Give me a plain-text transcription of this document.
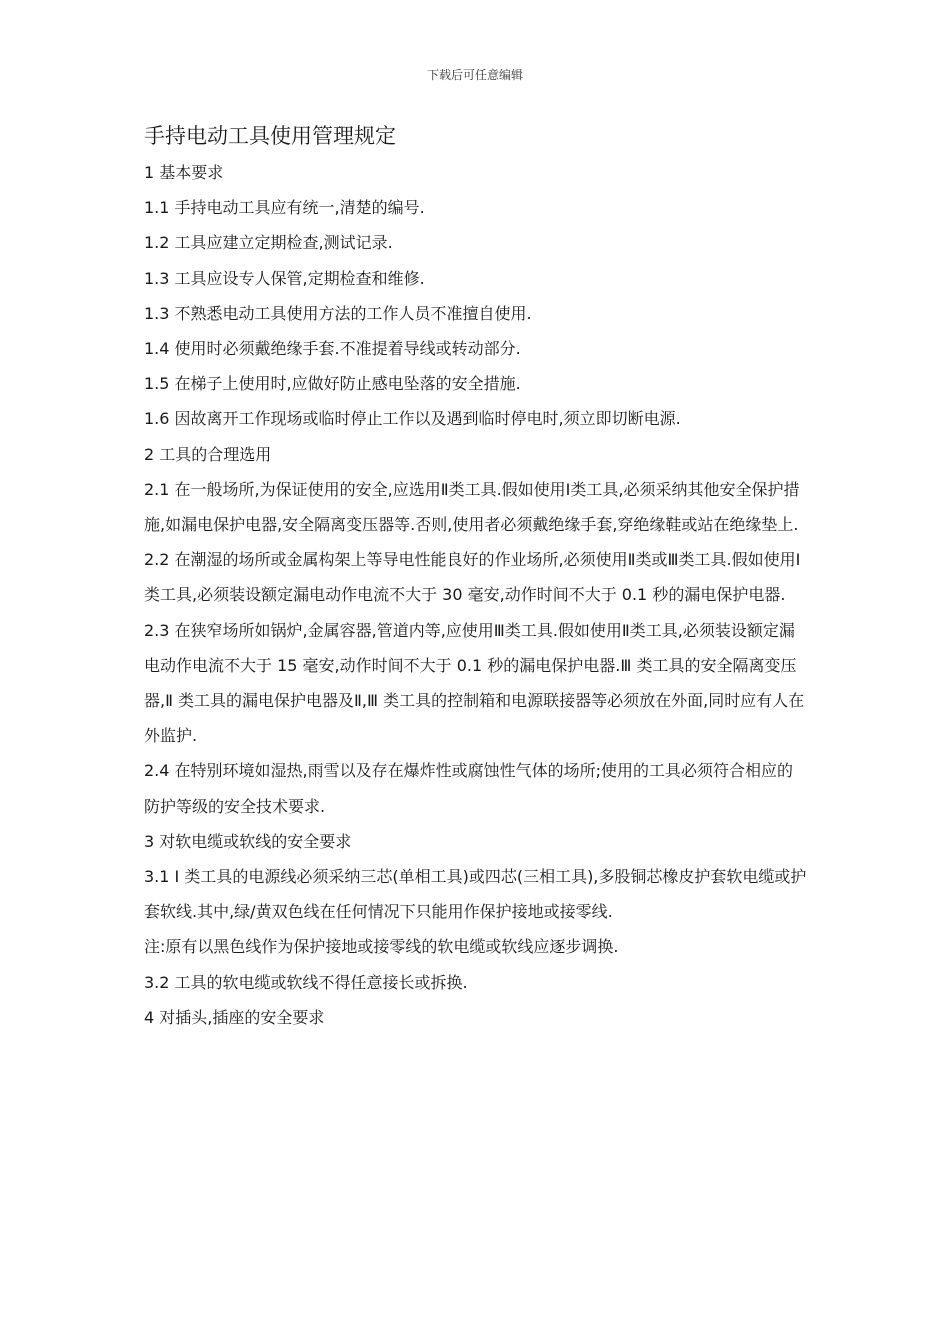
下载后可任意编辑
手持电动工具使用管理规定

1 基本要求

1.1 手持电动工具应有统一,清楚的编号.

1.2 工具应建立定期检查,测试记录.

1.3 工具应设专人保管,定期检查和维修.

1.3 不熟悉电动工具使用方法的工作人员不准擅自使用.

1.4 使用时必须戴绝缘手套.不准提着导线或转动部分.

1.5 在梯子上使用时,应做好防止感电坠落的安全措施.

1.6 因故离开工作现场或临时停止工作以及遇到临时停电时,须立即切断电源.

2 工具的合理选用

2.1 在一般场所,为保证使用的安全,应选用Ⅱ类工具.假如使用Ⅰ类工具,必须采纳其他安全保护措施,如漏电保护电器,安全隔离变压器等.否则,使用者必须戴绝缘手套,穿绝缘鞋或站在绝缘垫上.

2.2 在潮湿的场所或金属构架上等导电性能良好的作业场所,必须使用Ⅱ类或Ⅲ类工具.假如使用Ⅰ类工具,必须装设额定漏电动作电流不大于 30 毫安,动作时间不大于 0.1 秒的漏电保护电器.

2.3 在狭窄场所如锅炉,金属容器,管道内等,应使用Ⅲ类工具.假如使用Ⅱ类工具,必须装设额定漏电动作电流不大于 15 毫安,动作时间不大于 0.1 秒的漏电保护电器.Ⅲ 类工具的安全隔离变压器,Ⅱ 类工具的漏电保护电器及Ⅱ,Ⅲ 类工具的控制箱和电源联接器等必须放在外面,同时应有人在外监护.

2.4 在特别环境如湿热,雨雪以及存在爆炸性或腐蚀性气体的场所;使用的工具必须符合相应的防护等级的安全技术要求.

3 对软电缆或软线的安全要求

3.1 Ⅰ 类工具的电源线必须采纳三芯(单相工具)或四芯(三相工具),多股铜芯橡皮护套软电缆或护套软线.其中,绿/黄双色线在任何情况下只能用作保护接地或接零线.

注:原有以黑色线作为保护接地或接零线的软电缆或软线应逐步调换.

3.2 工具的软电缆或软线不得任意接长或拆换.

4 对插头,插座的安全要求
